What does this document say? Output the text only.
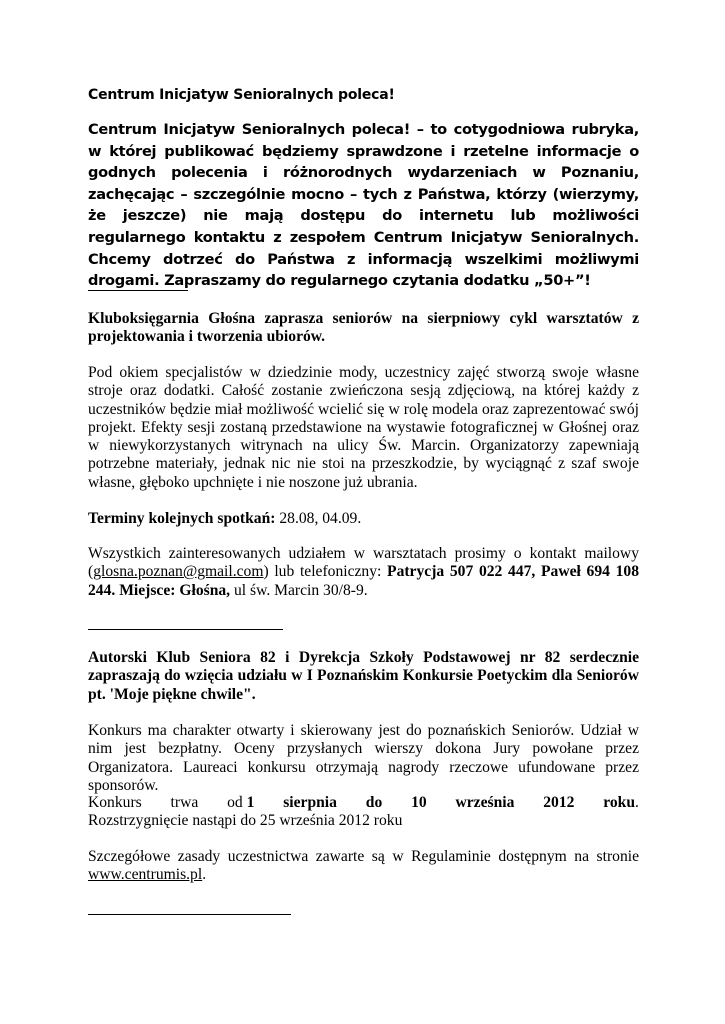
Centrum Inicjatyw Senioralnych poleca!

Centrum Inicjatyw Senioralnych poleca! – to cotygodniowa rubryka, w której publikować będziemy sprawdzone i rzetelne informacje o godnych polecenia i różnorodnych wydarzeniach w Poznaniu, zachęcając – szczególnie mocno – tych z Państwa, którzy (wierzymy, że jeszcze) nie mają dostępu do internetu lub możliwości regularnego kontaktu z zespołem Centrum Inicjatyw Senioralnych. Chcemy dotrzeć do Państwa z informacją wszelkimi możliwymi drogami. Zapraszamy do regularnego czytania dodatku „50+”!

Kluboksięgarnia Głośna zaprasza seniorów na sierpniowy cykl warsztatów z projektowania i tworzenia ubiorów.

Pod okiem specjalistów w dziedzinie mody, uczestnicy zajęć stworzą swoje własne stroje oraz dodatki. Całość zostanie zwieńczona sesją zdjęciową, na której każdy z uczestników będzie miał możliwość wcielić się w rolę modela oraz zaprezentować swój projekt. Efekty sesji zostaną przedstawione na wystawie fotograficznej w Głośnej oraz w niewykorzystanych witrynach na ulicy Św. Marcin. Organizatorzy zapewniają potrzebne materiały, jednak nic nie stoi na przeszkodzie, by wyciągnąć z szaf swoje własne, głęboko upchnięte i nie noszone już ubrania.

Terminy kolejnych spotkań: 28.08, 04.09.

Wszystkich zainteresowanych udziałem w warsztatach prosimy o kontakt mailowy (glosna.poznan@gmail.com) lub telefoniczny: Patrycja 507 022 447, Paweł 694 108 244. Miejsce: Głośna, ul św. Marcin 30/8-9.

Autorski Klub Seniora 82 i Dyrekcja Szkoły Podstawowej nr 82 serdecznie zapraszają do wzięcia udziału w I Poznańskim Konkursie Poetyckim dla Seniorów pt. 'Moje piękne chwile".

Konkurs ma charakter otwarty i skierowany jest do poznańskich Seniorów. Udział w nim jest bezpłatny. Oceny przysłanych wierszy dokona Jury powołane przez Organizatora. Laureaci konkursu otrzymają nagrody rzeczowe ufundowane przez sponsorów.

Konkurs trwa od 1 sierpnia do 10 września 2012 roku.

Rozstrzygnięcie nastąpi do 25 września 2012 roku

Szczegółowe zasady uczestnictwa zawarte są w Regulaminie dostępnym na stronie www.centrumis.pl.
